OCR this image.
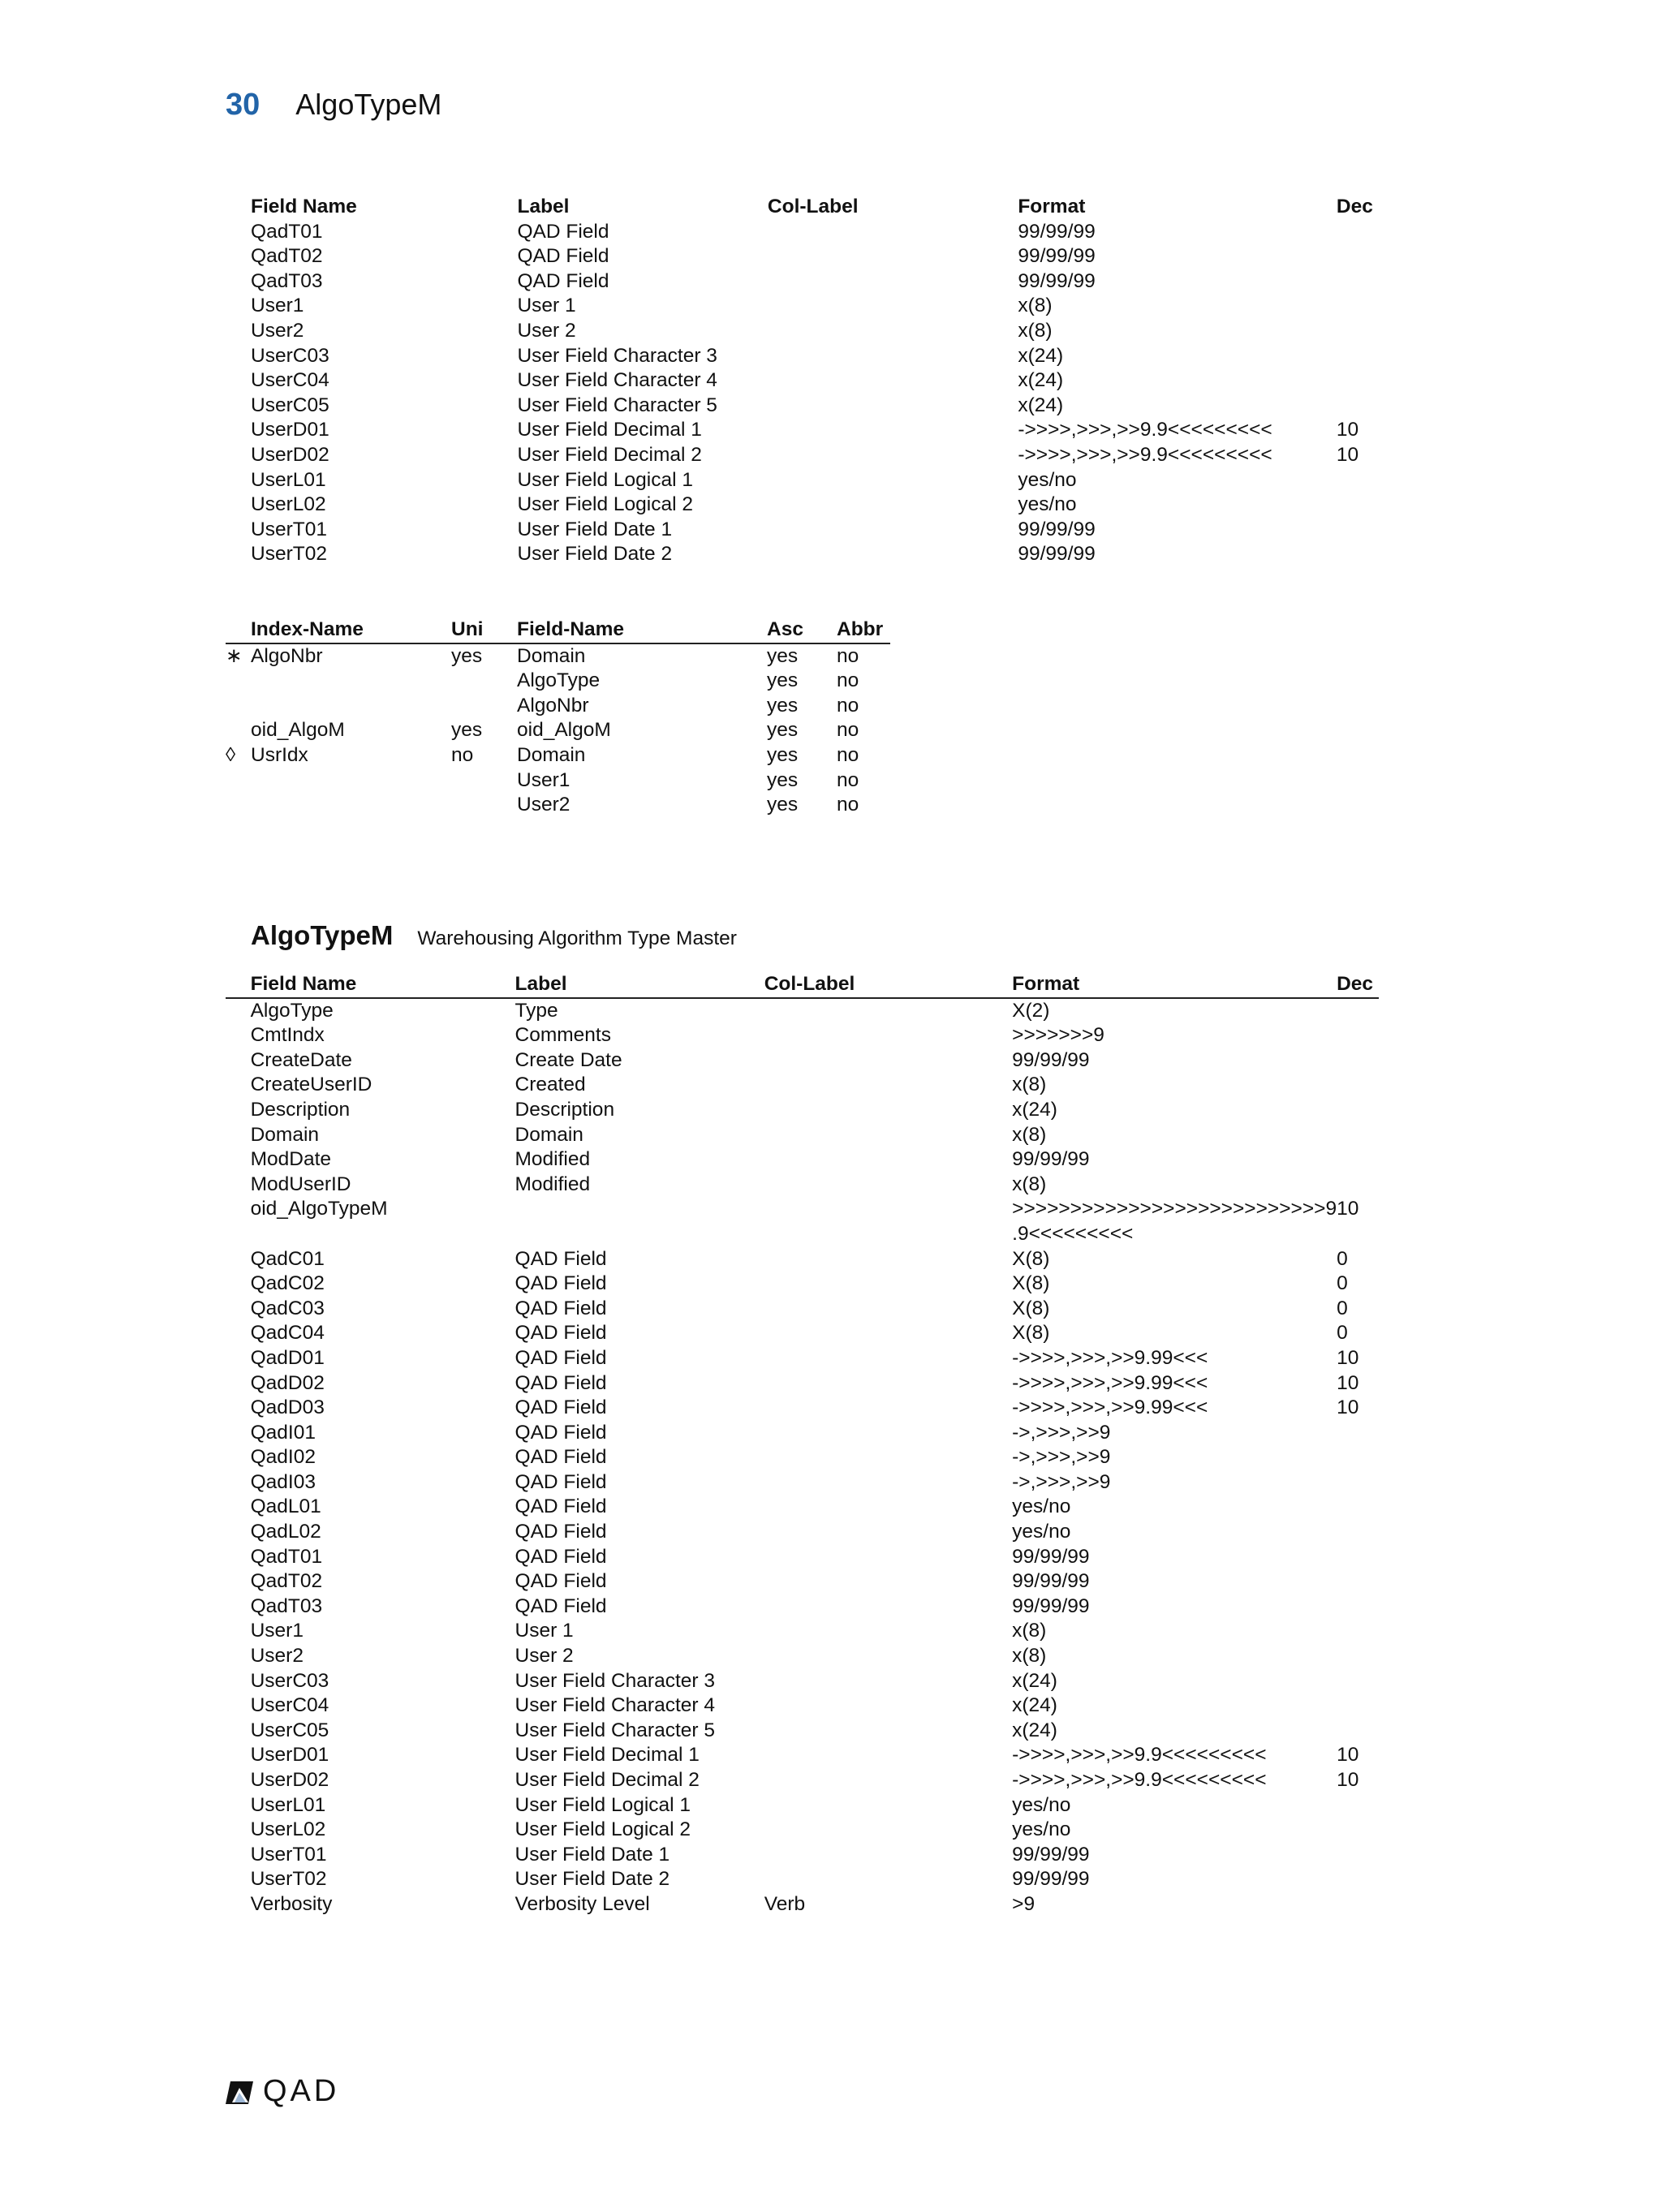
30 AlgoTypeM
	Field Name	Label	Col-Label	Format	Dec
	QadT01	QAD Field		99/99/99	

	QadT02	QAD Field		99/99/99	

	QadT03	QAD Field		99/99/99	

	User1	User 1		x(8)	

	User2	User 2		x(8)	

	UserC03	User Field Character 3		x(24)	

	UserC04	User Field Character 4		x(24)	

	UserC05	User Field Character 5		x(24)	

	UserD01	User Field Decimal 1		->>>>,>>>,>>9.9<<<<<<<<<	10
	UserD02	User Field Decimal 2		->>>>,>>>,>>9.9<<<<<<<<<	10
	UserL01	User Field Logical 1		yes/no	

	UserL02	User Field Logical 2		yes/no	

	UserT01	User Field Date 1		99/99/99	

	UserT02	User Field Date 2		99/99/99	

	Index-Name	Uni	Field-Name	Asc	Abbr
∗	AlgoNbr	yes	Domain	yes	no
			AlgoType	yes	no
			AlgoNbr	yes	no
	oid_AlgoM	yes	oid_AlgoM	yes	no
◊	UsrIdx	no	Domain	yes	no
			User1	yes	no
			User2	yes	no
AlgoTypeM Warehousing Algorithm Type Master
	Field Name	Label	Col-Label	Format	Dec
	AlgoType	Type		X(2)	

	CmtIndx	Comments		>>>>>>>9	

	CreateDate	Create Date		99/99/99	

	CreateUserID	Created		x(8)	

	Description	Description		x(24)	

	Domain	Domain		x(8)	

	ModDate	Modified		99/99/99	

	ModUserID	Modified		x(8)	

	oid_AlgoTypeM			>>>>>>>>>>>>>>>>>>>>>>>>>>>9
.9<<<<<<<<<	10
	QadC01	QAD Field		X(8)	0
	QadC02	QAD Field		X(8)	0
	QadC03	QAD Field		X(8)	0
	QadC04	QAD Field		X(8)	0
	QadD01	QAD Field		->>>>,>>>,>>9.99<<<	10
	QadD02	QAD Field		->>>>,>>>,>>9.99<<<	10
	QadD03	QAD Field		->>>>,>>>,>>9.99<<<	10
	QadI01	QAD Field		->,>>>,>>9	

	QadI02	QAD Field		->,>>>,>>9	

	QadI03	QAD Field		->,>>>,>>9	

	QadL01	QAD Field		yes/no	

	QadL02	QAD Field		yes/no	

	QadT01	QAD Field		99/99/99	

	QadT02	QAD Field		99/99/99	

	QadT03	QAD Field		99/99/99	

	User1	User 1		x(8)	

	User2	User 2		x(8)	

	UserC03	User Field Character 3		x(24)	

	UserC04	User Field Character 4		x(24)	

	UserC05	User Field Character 5		x(24)	

	UserD01	User Field Decimal 1		->>>>,>>>,>>9.9<<<<<<<<<	10
	UserD02	User Field Decimal 2		->>>>,>>>,>>9.9<<<<<<<<<	10
	UserL01	User Field Logical 1		yes/no	

	UserL02	User Field Logical 2		yes/no	

	UserT01	User Field Date 1		99/99/99	

	UserT02	User Field Date 2		99/99/99	

	Verbosity	Verbosity Level	Verb	>9	

QAD
